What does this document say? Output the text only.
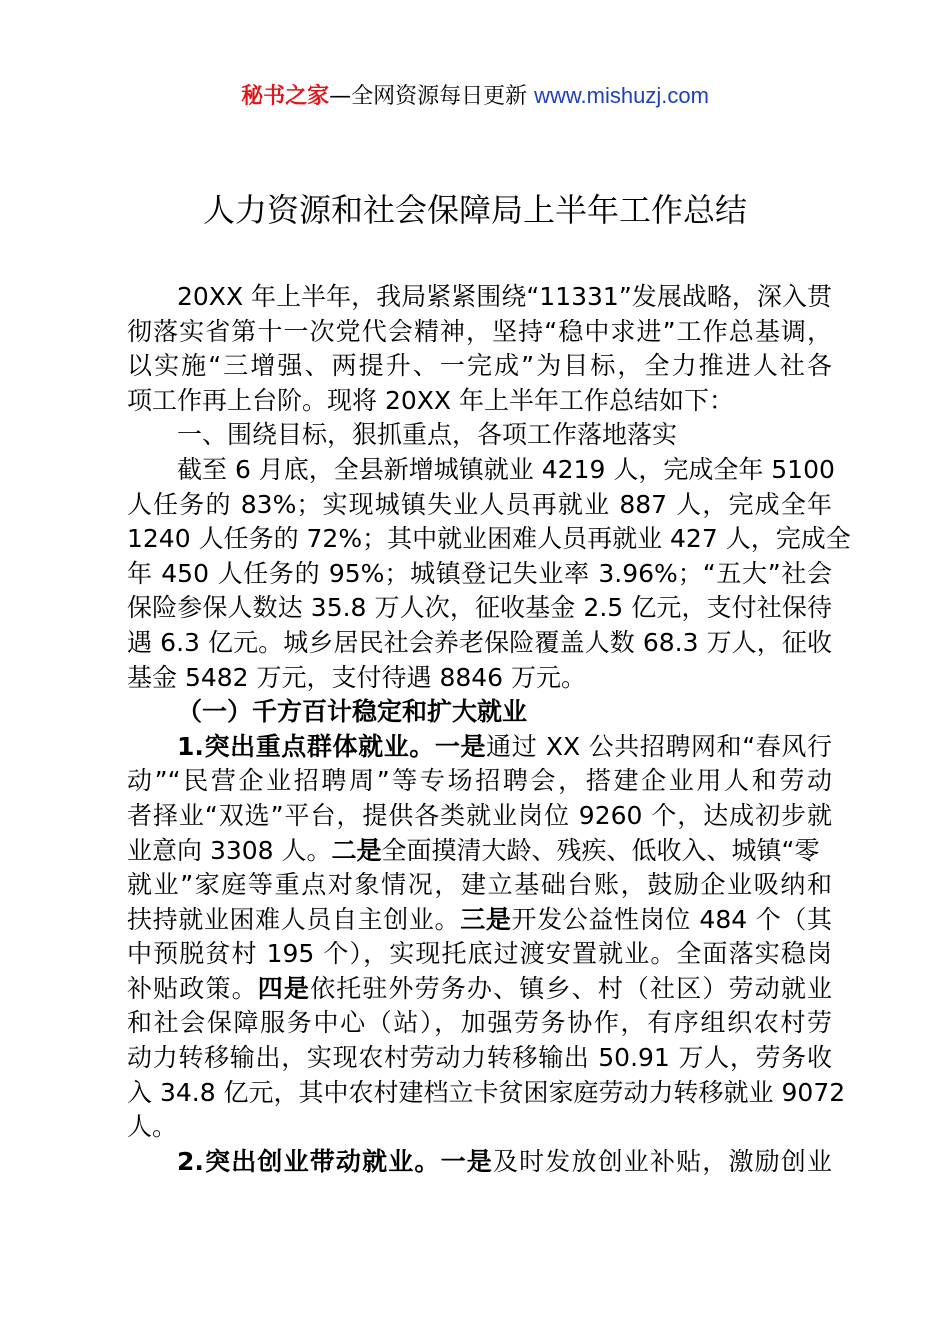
秘书之家—全网资源每日更新 www.mishuzj.com
人力资源和社会保障局上半年工作总结
20XX 年上半年，我局紧紧围绕“11331”发展战略，深入贯
彻落实省第十一次党代会精神，坚持“稳中求进”工作总基调，
以实施“三增强、两提升、一完成”为目标，全力推进人社各
项工作再上台阶。现将 20XX 年上半年工作总结如下：
一、围绕目标，狠抓重点，各项工作落地落实
截至 6 月底，全县新增城镇就业 4219 人，完成全年 5100
人任务的 83%；实现城镇失业人员再就业 887 人，完成全年
1240 人任务的 72%；其中就业困难人员再就业 427 人，完成全
年 450 人任务的 95%；城镇登记失业率 3.96%；“五大”社会
保险参保人数达 35.8 万人次，征收基金 2.5 亿元，支付社保待
遇 6.3 亿元。城乡居民社会养老保险覆盖人数 68.3 万人，征收
基金 5482 万元，支付待遇 8846 万元。
（一）千方百计稳定和扩大就业
1.突出重点群体就业。一是通过 XX 公共招聘网和“春风行
动”“民营企业招聘周”等专场招聘会，搭建企业用人和劳动
者择业“双选”平台，提供各类就业岗位 9260 个，达成初步就
业意向 3308 人。二是全面摸清大龄、残疾、低收入、城镇“零
就业”家庭等重点对象情况，建立基础台账，鼓励企业吸纳和
扶持就业困难人员自主创业。三是开发公益性岗位 484 个（其
中预脱贫村 195 个），实现托底过渡安置就业。全面落实稳岗
补贴政策。四是依托驻外劳务办、镇乡、村（社区）劳动就业
和社会保障服务中心（站），加强劳务协作，有序组织农村劳
动力转移输出，实现农村劳动力转移输出 50.91 万人，劳务收
入 34.8 亿元，其中农村建档立卡贫困家庭劳动力转移就业 9072
人。
2.突出创业带动就业。一是及时发放创业补贴，激励创业
